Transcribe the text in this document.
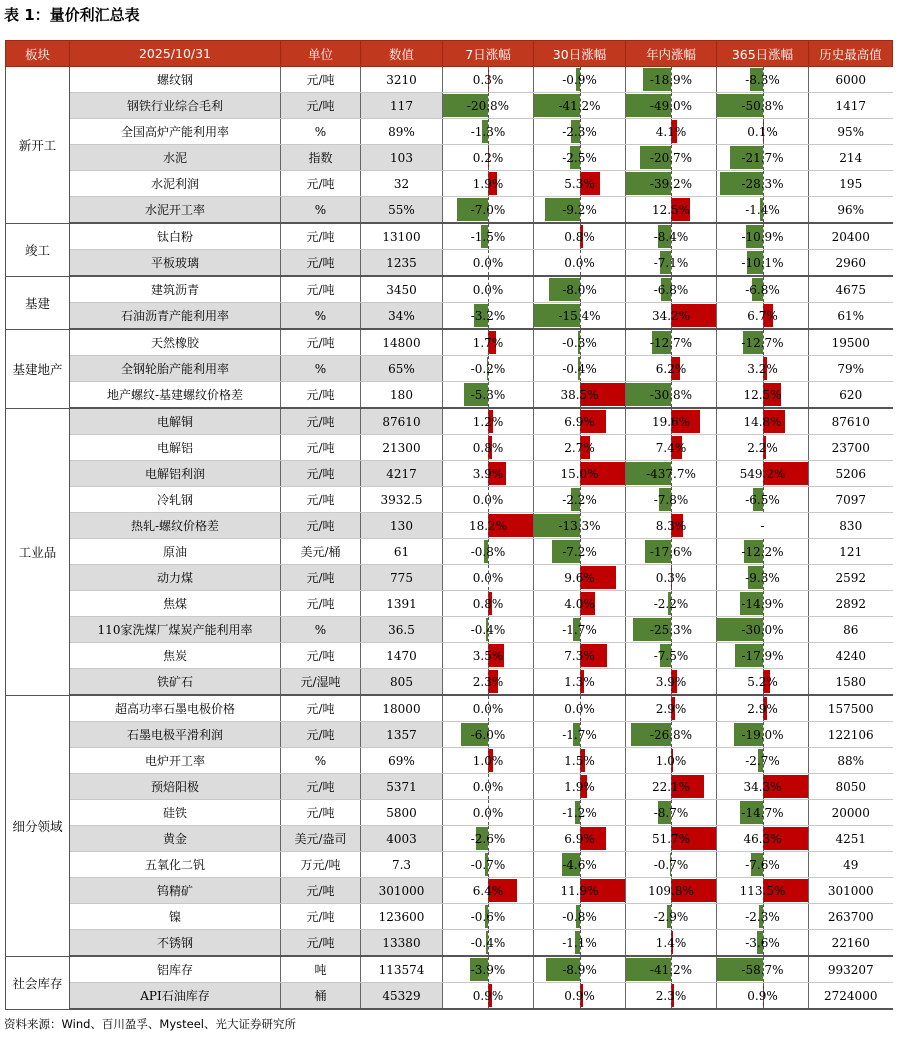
表 1：量价利汇总表
板块	2025/10/31	单位	数值	7日涨幅	30日涨幅	年内涨幅	365日涨幅	历史最高值
新开工	螺纹钢	元/吨	3210	0.3%	-0.9%	-18.9%	-8.3%	6000
	钢铁行业综合毛利	元/吨	117	-20.8%	-41.2%	-49.0%	-50.8%	1417
	全国高炉产能利用率	%	89%	-1.3%	-2.3%	4.1%	0.1%	95%
	水泥	指数	103	0.2%	-2.5%	-20.7%	-21.7%	214
	水泥利润	元/吨	32	1.9%	5.3%	-39.2%	-28.3%	195
	水泥开工率	%	55%	-7.0%	-9.2%	12.5%	-1.4%	96%
竣工	钛白粉	元/吨	13100	-1.5%	0.8%	-8.4%	-10.9%	20400
	平板玻璃	元/吨	1235	0.0%	0.0%	-7.1%	-10.1%	2960
基建	建筑沥青	元/吨	3450	0.0%	-8.0%	-6.8%	-6.8%	4675
	石油沥青产能利用率	%	34%	-3.2%	-15.4%	34.2%	6.7%	61%
基建地产	天然橡胶	元/吨	14800	1.7%	-0.3%	-12.7%	-12.7%	19500
	全钢轮胎产能利用率	%	65%	-0.2%	-0.4%	6.2%	3.2%	79%
	地产螺纹-基建螺纹价格差	元/吨	180	-5.3%	38.5%	-30.8%	12.5%	620
工业品	电解铜	元/吨	87610	1.2%	6.9%	19.6%	14.8%	87610
	电解铝	元/吨	21300	0.8%	2.7%	7.4%	2.2%	23700
	电解铝利润	元/吨	4217	3.9%	15.0%	-437.7%	549.2%	5206
	冷轧钢	元/吨	3932.5	0.0%	-2.2%	-7.8%	-6.5%	7097
	热轧-螺纹价格差	元/吨	130	18.2%	-13.3%	8.3%	-	830
	原油	美元/桶	61	-0.8%	-7.2%	-17.6%	-12.2%	121
	动力煤	元/吨	775	0.0%	9.6%	0.3%	-9.3%	2592
	焦煤	元/吨	1391	0.8%	4.0%	-2.2%	-14.9%	2892
	110家洗煤厂煤炭产能利用率	%	36.5	-0.4%	-1.7%	-25.3%	-30.0%	86
	焦炭	元/吨	1470	3.5%	7.3%	-7.5%	-17.9%	4240
	铁矿石	元/湿吨	805	2.3%	1.3%	3.9%	5.2%	1580
细分领域	超高功率石墨电极价格	元/吨	18000	0.0%	0.0%	2.9%	2.9%	157500
	石墨电极平滑利润	元/吨	1357	-6.0%	-1.7%	-26.8%	-19.0%	122106
	电炉开工率	%	69%	1.0%	1.5%	1.0%	-2.7%	88%
	预焙阳极	元/吨	5371	0.0%	1.9%	22.1%	34.3%	8050
	硅铁	元/吨	5800	0.0%	-1.2%	-8.7%	-14.7%	20000
	黄金	美元/盎司	4003	-2.6%	6.9%	51.7%	46.3%	4251
	五氧化二钒	万元/吨	7.3	-0.7%	-4.6%	-0.7%	-7.6%	49
	钨精矿	元/吨	301000	6.4%	11.9%	109.8%	113.5%	301000
	镍	元/吨	123600	-0.6%	-0.8%	-2.9%	-2.3%	263700
	不锈钢	元/吨	13380	-0.4%	-1.1%	1.4%	-3.6%	22160
社会库存	铝库存	吨	113574	-3.9%	-8.9%	-41.2%	-58.7%	993207
	API石油库存	桶	45329	0.9%	0.9%	2.3%	0.9%	2724000
资料来源：Wind、百川盈孚、Mysteel、光大证券研究所
